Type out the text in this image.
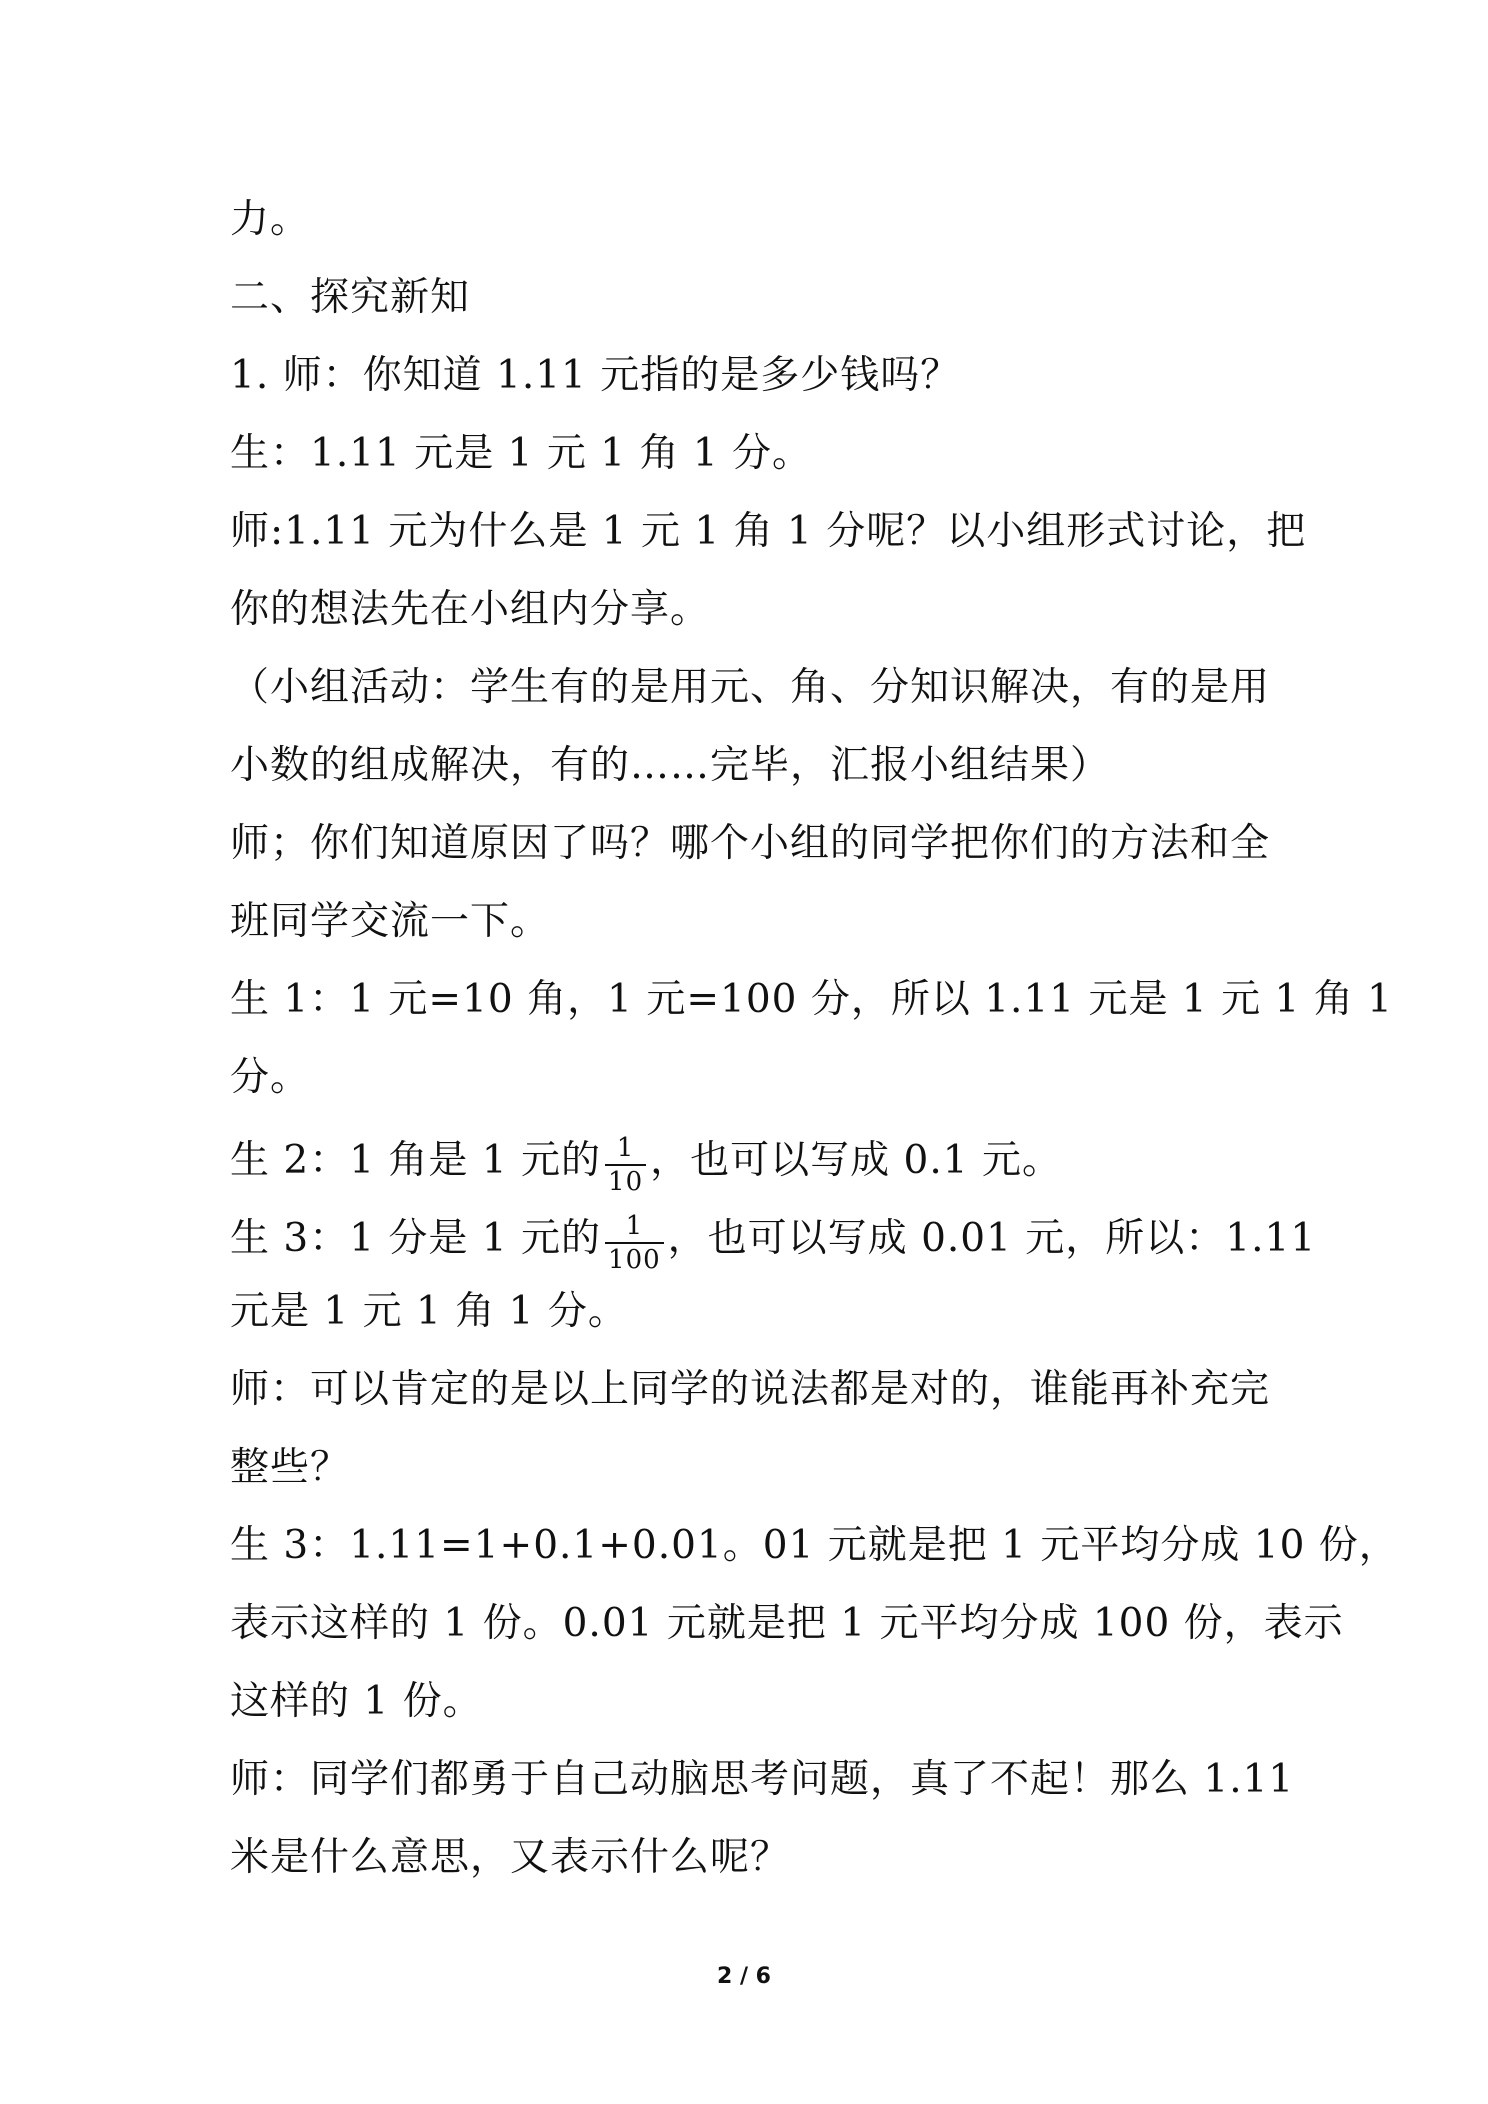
力。
二、探究新知
1. 师：你知道 1.11 元指的是多少钱吗？
生：1.11 元是 1 元 1 角 1 分。
师:1.11 元为什么是 1 元 1 角 1 分呢？以小组形式讨论，把
你的想法先在小组内分享。
（小组活动：学生有的是用元、角、分知识解决，有的是用
小数的组成解决，有的……完毕，汇报小组结果）
师；你们知道原因了吗？哪个小组的同学把你们的方法和全
班同学交流一下。
生 1：1 元=10 角，1 元=100 分，所以 1.11 元是 1 元 1 角 1
分。
生 2：1 角是 1 元的 $\frac{1}{10}$ ，也可以写成 0.1 元。
生 3：1 分是 1 元的 $\frac{1}{100}$ ，也可以写成 0.01 元，所以：1.11
元是 1 元 1 角 1 分。
师：可以肯定的是以上同学的说法都是对的，谁能再补充完
整些？
生 3：1.11=1+0.1+0.01。01 元就是把 1 元平均分成 10 份，
表示这样的 1 份。0.01 元就是把 1 元平均分成 100 份，表示
这样的 1 份。
师：同学们都勇于自己动脑思考问题，真了不起！那么 1.11
米是什么意思，又表示什么呢？
2 / 6
